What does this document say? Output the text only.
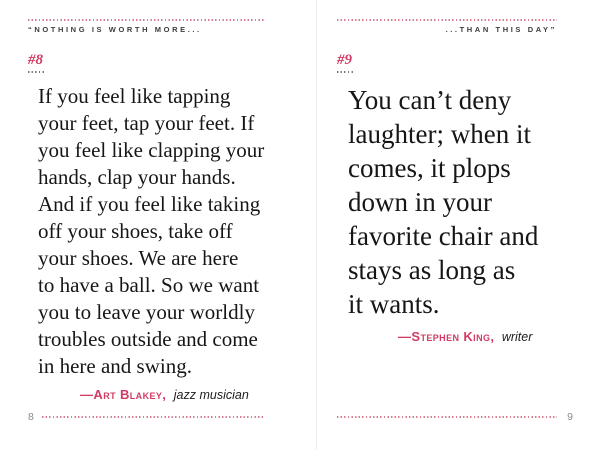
“NOTHING IS WORTH MORE...
#8
If you feel like tapping
your feet, tap your feet. If
you feel like clapping your
hands, clap your hands.
And if you feel like taking
off your shoes, take off
your shoes. We are here
to have a ball. So we want
you to leave your worldly
troubles outside and come
in here and swing.
—Art Blakey, jazz musician
8
...THAN THIS DAY”
#9
You can’t deny
laughter; when it
comes, it plops
down in your
favorite chair and
stays as long as
it wants.
—Stephen King, writer
9
